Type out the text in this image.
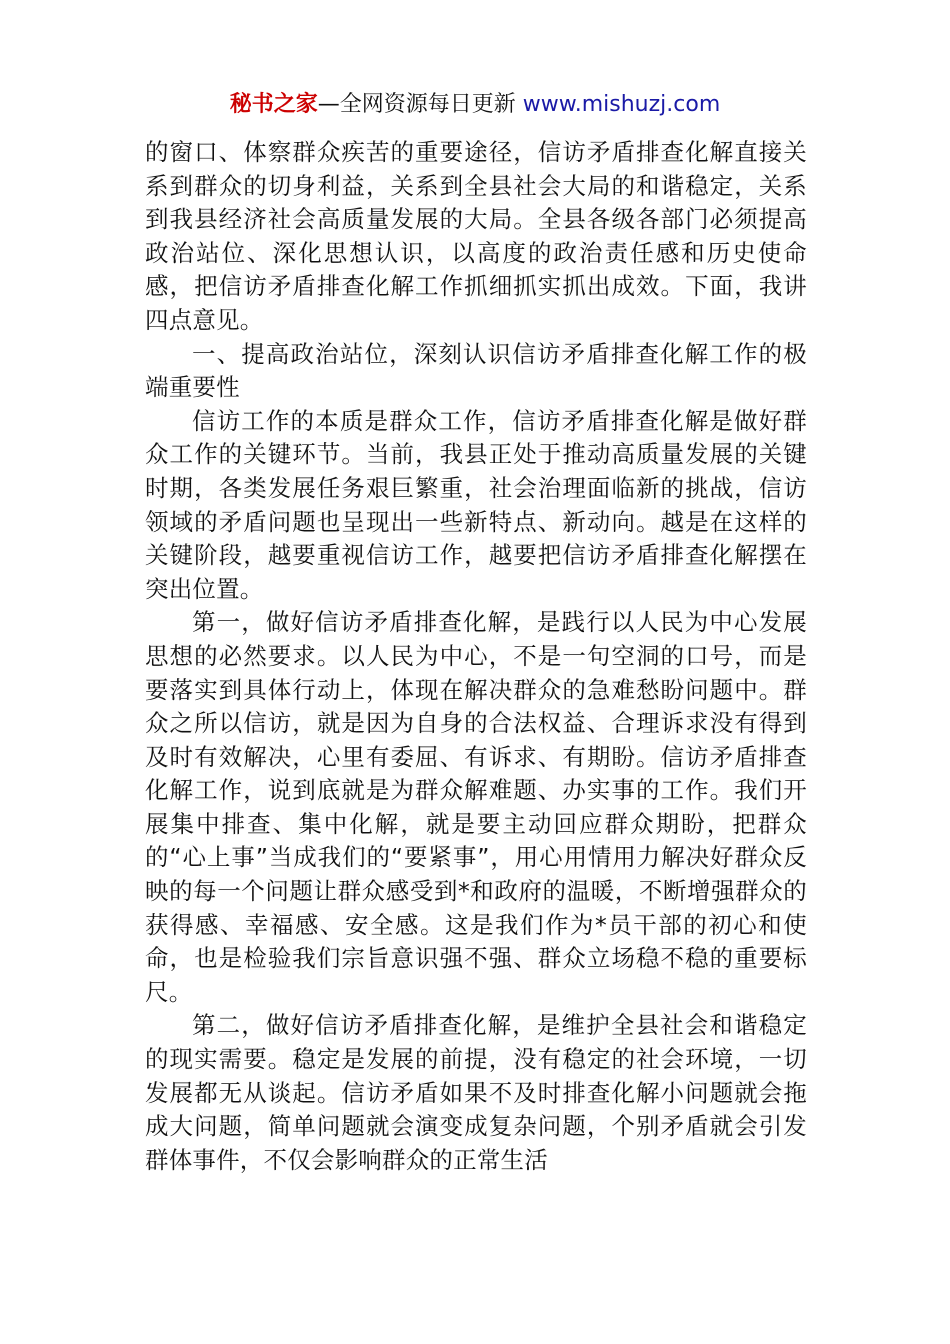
秘书之家—全网资源每日更新 www.mishuzj.com

的窗口、体察群众疾苦的重要途径，信访矛盾排查化解直接关系到群众的切身利益，关系到全县社会大局的和谐稳定，关系到我县经济社会高质量发展的大局。全县各级各部门必须提高政治站位、深化思想认识，以高度的政治责任感和历史使命感，把信访矛盾排查化解工作抓细抓实抓出成效。下面，我讲四点意见。

一、提高政治站位，深刻认识信访矛盾排查化解工作的极端重要性

信访工作的本质是群众工作，信访矛盾排查化解是做好群众工作的关键环节。当前，我县正处于推动高质量发展的关键时期，各类发展任务艰巨繁重，社会治理面临新的挑战，信访领域的矛盾问题也呈现出一些新特点、新动向。越是在这样的关键阶段，越要重视信访工作，越要把信访矛盾排查化解摆在突出位置。

第一，做好信访矛盾排查化解，是践行以人民为中心发展思想的必然要求。以人民为中心，不是一句空洞的口号，而是要落实到具体行动上，体现在解决群众的急难愁盼问题中。群众之所以信访，就是因为自身的合法权益、合理诉求没有得到及时有效解决，心里有委屈、有诉求、有期盼。信访矛盾排查化解工作，说到底就是为群众解难题、办实事的工作。我们开展集中排查、集中化解，就是要主动回应群众期盼，把群众的“心上事”当成我们的“要紧事”，用心用情用力解决好群众反映的每一个问题让群众感受到*和政府的温暖，不断增强群众的获得感、幸福感、安全感。这是我们作为*员干部的初心和使命，也是检验我们宗旨意识强不强、群众立场稳不稳的重要标尺。

第二，做好信访矛盾排查化解，是维护全县社会和谐稳定的现实需要。稳定是发展的前提，没有稳定的社会环境，一切发展都无从谈起。信访矛盾如果不及时排查化解小问题就会拖成大问题，简单问题就会演变成复杂问题，个别矛盾就会引发群体事件，不仅会影响群众的正常生活
